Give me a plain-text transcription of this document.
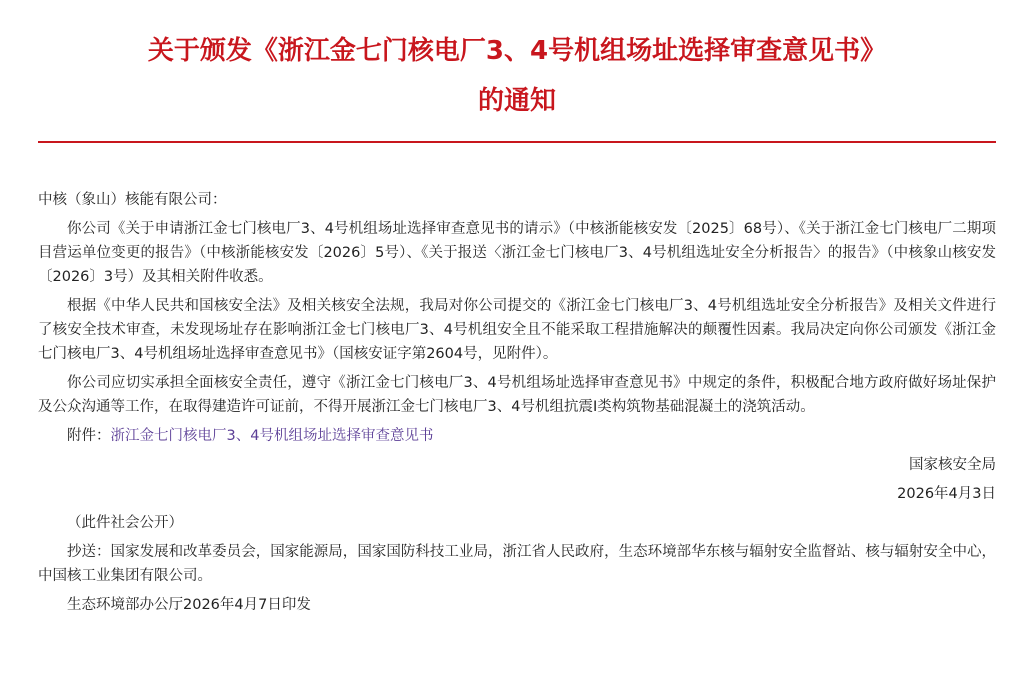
关于颁发《浙江金七门核电厂3、4号机组场址选择审查意见书》
的通知

中核（象山）核能有限公司：

你公司《关于申请浙江金七门核电厂3、4号机组场址选择审查意见书的请示》（中核浙能核安发〔2025〕68号）、《关于浙江金七门核电厂二期项目营运单位变更的报告》（中核浙能核安发〔2026〕5号）、《关于报送〈浙江金七门核电厂3、4号机组选址安全分析报告〉的报告》（中核象山核安发〔2026〕3号）及其相关附件收悉。

根据《中华人民共和国核安全法》及相关核安全法规，我局对你公司提交的《浙江金七门核电厂3、4号机组选址安全分析报告》及相关文件进行了核安全技术审查，未发现场址存在影响浙江金七门核电厂3、4号机组安全且不能采取工程措施解决的颠覆性因素。我局决定向你公司颁发《浙江金七门核电厂3、4号机组场址选择审查意见书》（国核安证字第2604号，见附件）。

你公司应切实承担全面核安全责任，遵守《浙江金七门核电厂3、4号机组场址选择审查意见书》中规定的条件，积极配合地方政府做好场址保护及公众沟通等工作，在取得建造许可证前，不得开展浙江金七门核电厂3、4号机组抗震I类构筑物基础混凝土的浇筑活动。

附件：浙江金七门核电厂3、4号机组场址选择审查意见书

国家核安全局

2026年4月3日

（此件社会公开）

抄送：国家发展和改革委员会，国家能源局，国家国防科技工业局，浙江省人民政府，生态环境部华东核与辐射安全监督站、核与辐射安全中心，中国核工业集团有限公司。

生态环境部办公厅2026年4月7日印发
